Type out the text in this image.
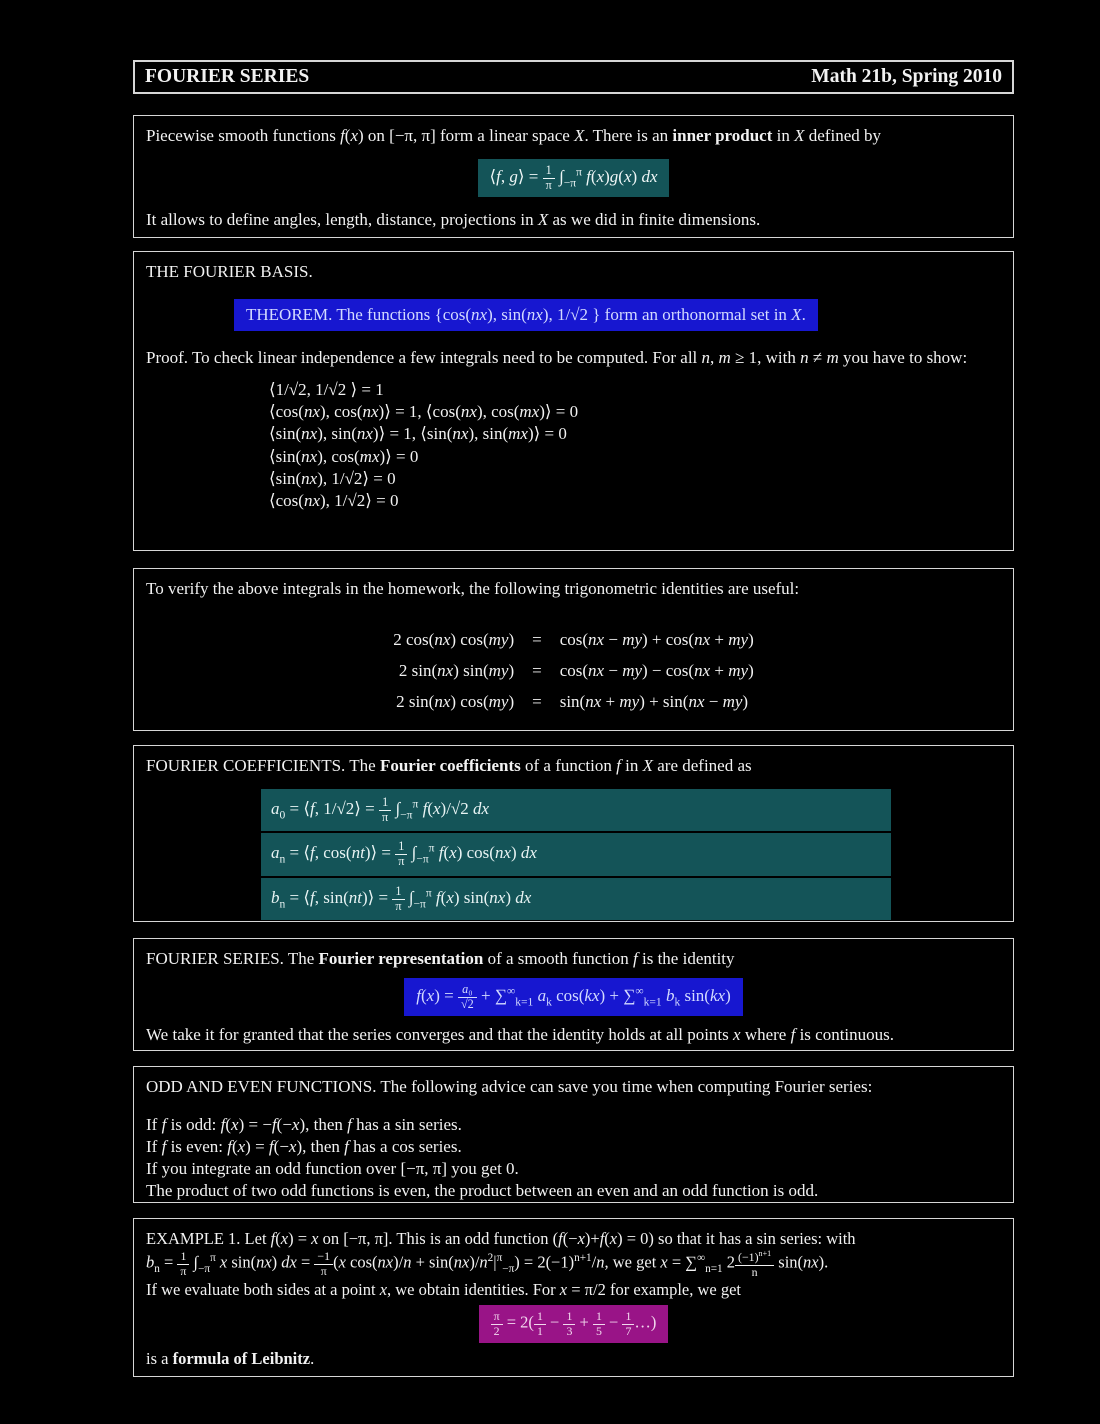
FOURIER SERIES	Math 21b, Spring 2010

Piecewise smooth functions f(x) on [−π, π] form a linear space X. There is an inner product in X defined by

⟨f, g⟩ = $\frac{1}{\pi} \int_{-\pi}^\pi$ f(x)g(x) dx

It allows to define angles, length, distance, projections in X as we did in finite dimensions.

THE FOURIER BASIS.

THEOREM. The functions {cos(nx), sin(nx), 1/√2 } form an orthonormal set in X.

Proof. To check linear independence a few integrals need to be computed. For all n, m ≥ 1, with n ≠ m you have to show:

⟨1/√2, 1/√2 ⟩ = 1

⟨cos(nx), cos(nx)⟩ = 1, ⟨cos(nx), cos(mx)⟩ = 0

⟨sin(nx), sin(nx)⟩ = 1, ⟨sin(nx), sin(mx)⟩ = 0

⟨sin(nx), cos(mx)⟩ = 0

⟨sin(nx), 1/√2⟩ = 0

⟨cos(nx), 1/√2⟩ = 0

To verify the above integrals in the homework, the following trigonometric identities are useful:

2 cos(nx) cos(my) = cos(nx − my) + cos(nx + my)
2 sin(nx) sin(my) = cos(nx − my) − cos(nx + my)
2 sin(nx) cos(my) = sin(nx + my) + sin(nx − my)

FOURIER COEFFICIENTS. The Fourier coefficients of a function f in X are defined as

$a_0$ = ⟨f, 1/√2⟩ = $\frac{1}{\pi} \int_{-\pi}^\pi$ f(x)/√2 dx
$a_n$ = ⟨f, cos(nt)⟩ = $\frac{1}{\pi} \int_{-\pi}^\pi$ f(x) cos(nx) dx
$b_n$ = ⟨f, sin(nt)⟩ = $\frac{1}{\pi} \int_{-\pi}^\pi$ f(x) sin(nx) dx

FOURIER SERIES. The Fourier representation of a smooth function f is the identity

$f(x) = \frac{\text{a₀}}{√2} + \sum^\infty_{k=1}$ $a_k$ $\cos(kx) + \sum^\infty_{k=1}$ $b_k$ sin(kx)

We take it for granted that the series converges and that the identity holds at all points x where f is continuous.

ODD AND EVEN FUNCTIONS. The following advice can save you time when computing Fourier series:

If f is odd: f(x) = −f(−x), then f has a sin series.

If f is even: f(x) = f(−x), then f has a cos series.

If you integrate an odd function over [−π, π] you get 0.

The product of two odd functions is even, the product between an even and an odd function is odd.

EXAMPLE 1. Let f(x) = x on [−π, π]. This is an odd function (f(−x)+f(x) = 0) so that it has a sin series: with

$b_n = \frac{1}{\pi} \int_{-\pi}^\pi$ x sin(nx) dx = $\frac{-1}{\pi} (x$ $\cos(nx)/n + \sin(nx)/n^2|^\pi_{-\pi}) = 2(-1)^{n+1}/n$, we get $x = \sum^\infty_{n=1}$ $2 \frac{(-1)^{n+1}}{n} \sin(nx)$.

If we evaluate both sides at a point x, we obtain identities. For x = π/2 for example, we get

$\frac{\pi}{2} = 2( \frac{1}{1} - \frac{1}{3} + \frac{1}{5} - \frac{1}{7}$ …)

is a formula of Leibnitz.
